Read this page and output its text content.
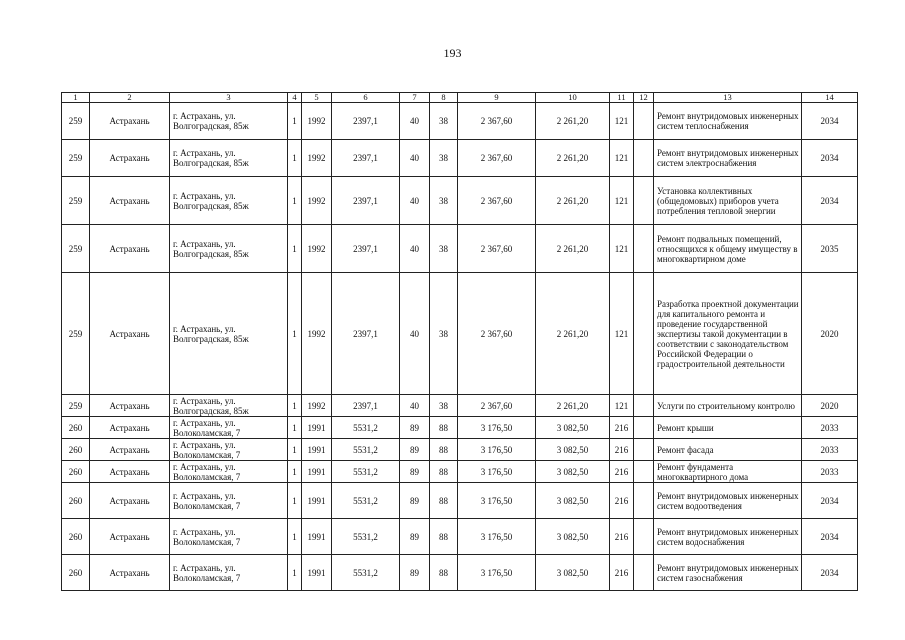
193
1	2	3	4	5	6	7	8	9	10	11	12	13	14
259	Астрахань	г. Астрахань, ул. Волгоградская, 85ж	1	1992	2397,1	40	38	2 367,60	2 261,20	121		Ремонт внутридомовых инженерных систем теплоснабжения	2034
259	Астрахань	г. Астрахань, ул. Волгоградская, 85ж	1	1992	2397,1	40	38	2 367,60	2 261,20	121		Ремонт внутридомовых инженерных систем электроснабжения	2034
259	Астрахань	г. Астрахань, ул. Волгоградская, 85ж	1	1992	2397,1	40	38	2 367,60	2 261,20	121		Установка коллективных (общедомовых) приборов учета потребления тепловой энергии	2034
259	Астрахань	г. Астрахань, ул. Волгоградская, 85ж	1	1992	2397,1	40	38	2 367,60	2 261,20	121		Ремонт подвальных помещений, относящихся к общему имуществу в многоквартирном доме	2035
259	Астрахань	г. Астрахань, ул. Волгоградская, 85ж	1	1992	2397,1	40	38	2 367,60	2 261,20	121		Разработка проектной документации для капитального ремонта и проведение государственной экспертизы такой документации в соответствии с законодательством Российской Федерации о градостроительной деятельности	2020
259	Астрахань	г. Астрахань, ул. Волгоградская, 85ж	1	1992	2397,1	40	38	2 367,60	2 261,20	121		Услуги по строительному контролю	2020
260	Астрахань	г. Астрахань, ул. Волоколамская, 7	1	1991	5531,2	89	88	3 176,50	3 082,50	216		Ремонт крыши	2033
260	Астрахань	г. Астрахань, ул. Волоколамская, 7	1	1991	5531,2	89	88	3 176,50	3 082,50	216		Ремонт фасада	2033
260	Астрахань	г. Астрахань, ул. Волоколамская, 7	1	1991	5531,2	89	88	3 176,50	3 082,50	216		Ремонт фундамента многоквартирного дома	2033
260	Астрахань	г. Астрахань, ул. Волоколамская, 7	1	1991	5531,2	89	88	3 176,50	3 082,50	216		Ремонт внутридомовых инженерных систем водоотведения	2034
260	Астрахань	г. Астрахань, ул. Волоколамская, 7	1	1991	5531,2	89	88	3 176,50	3 082,50	216		Ремонт внутридомовых инженерных систем водоснабжения	2034
260	Астрахань	г. Астрахань, ул. Волоколамская, 7	1	1991	5531,2	89	88	3 176,50	3 082,50	216		Ремонт внутридомовых инженерных систем газоснабжения	2034
